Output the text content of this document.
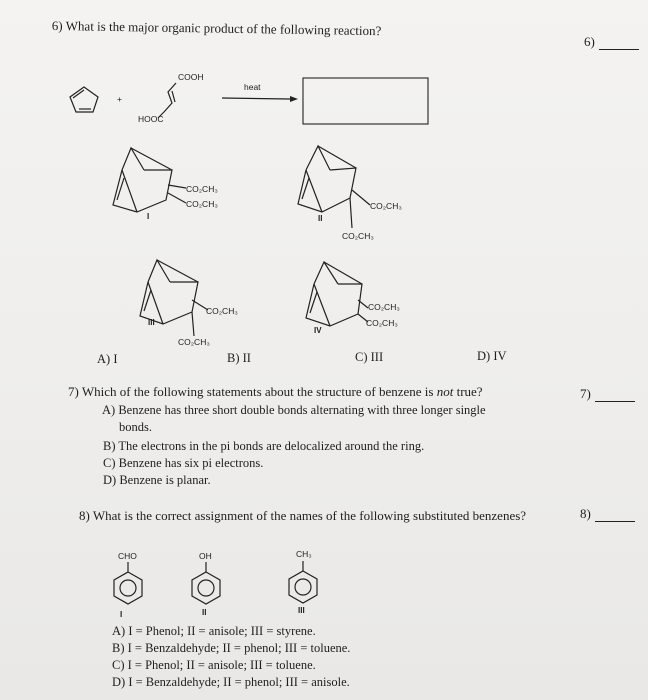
6) What is the major organic product of the following reaction?
6)
+
COOH
HOOC
heat
CO₂CH₃
CO₂CH₃
I
CO₂CH₃
CO₂CH₃
II
CO₂CH₃
CO₂CH₃
III
CO₂CH₃
CO₂CH₃
IV
A) I	B) II	C) III	D) IV
7) Which of the following statements about the structure of benzene is not true?	7)
A) Benzene has three short double bonds alternating with three longer single
bonds.
B) The electrons in the pi bonds are delocalized around the ring.
C) Benzene has six pi electrons.
D) Benzene is planar.
8) What is the correct assignment of the names of the following substituted benzenes?	8)
CHO	OH	CH₃
I	II	III
A) I = Phenol; II = anisole; III = styrene.
B) I = Benzaldehyde; II = phenol; III = toluene.
C) I = Phenol; II = anisole; III = toluene.
D) I = Benzaldehyde; II = phenol; III = anisole.
